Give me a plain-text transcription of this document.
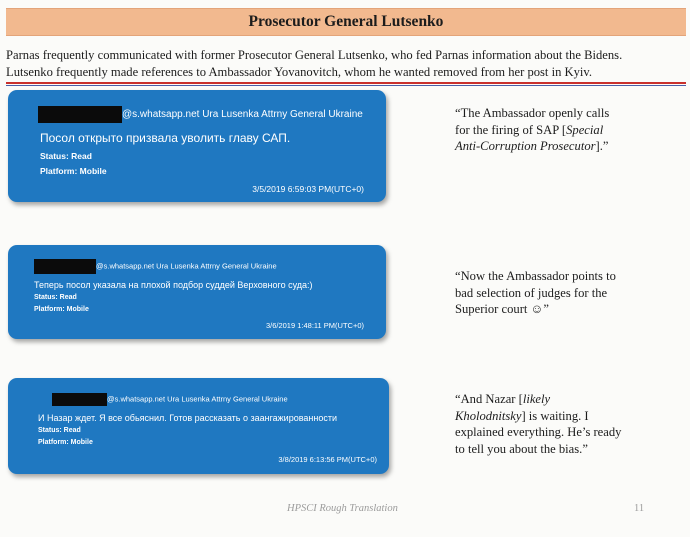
Prosecutor General Lutsenko
Parnas frequently communicated with former Prosecutor General Lutsenko, who fed Parnas information about the Bidens.
Lutsenko frequently made references to Ambassador Yovanovitch, whom he wanted removed from her post in Kyiv.
@s.whatsapp.net Ura Lusenka Attrny General Ukraine
Посол открыто призвала уволить главу САП.
Status: Read
Platform: Mobile
3/5/2019 6:59:03 PM(UTC+0)
@s.whatsapp.net Ura Lusenka Attrny General Ukraine
Теперь посол указала на плохой подбор суддей Верховного суда:)
Status: Read
Platform: Mobile
3/6/2019 1:48:11 PM(UTC+0)
@s.whatsapp.net Ura Lusenka Attrny General Ukraine
И Назар ждет. Я все обьяснил. Готов рассказать о заангажированности
Status: Read
Platform: Mobile
3/8/2019 6:13:56 PM(UTC+0)
“The Ambassador openly calls
for the firing of SAP [Special
Anti-Corruption Prosecutor].”
“Now the Ambassador points to
bad selection of judges for the
Superior court ☺”
“And Nazar [likely
Kholodnitsky] is waiting. I
explained everything. He’s ready
to tell you about the bias.”
HPSCI Rough Translation	11
